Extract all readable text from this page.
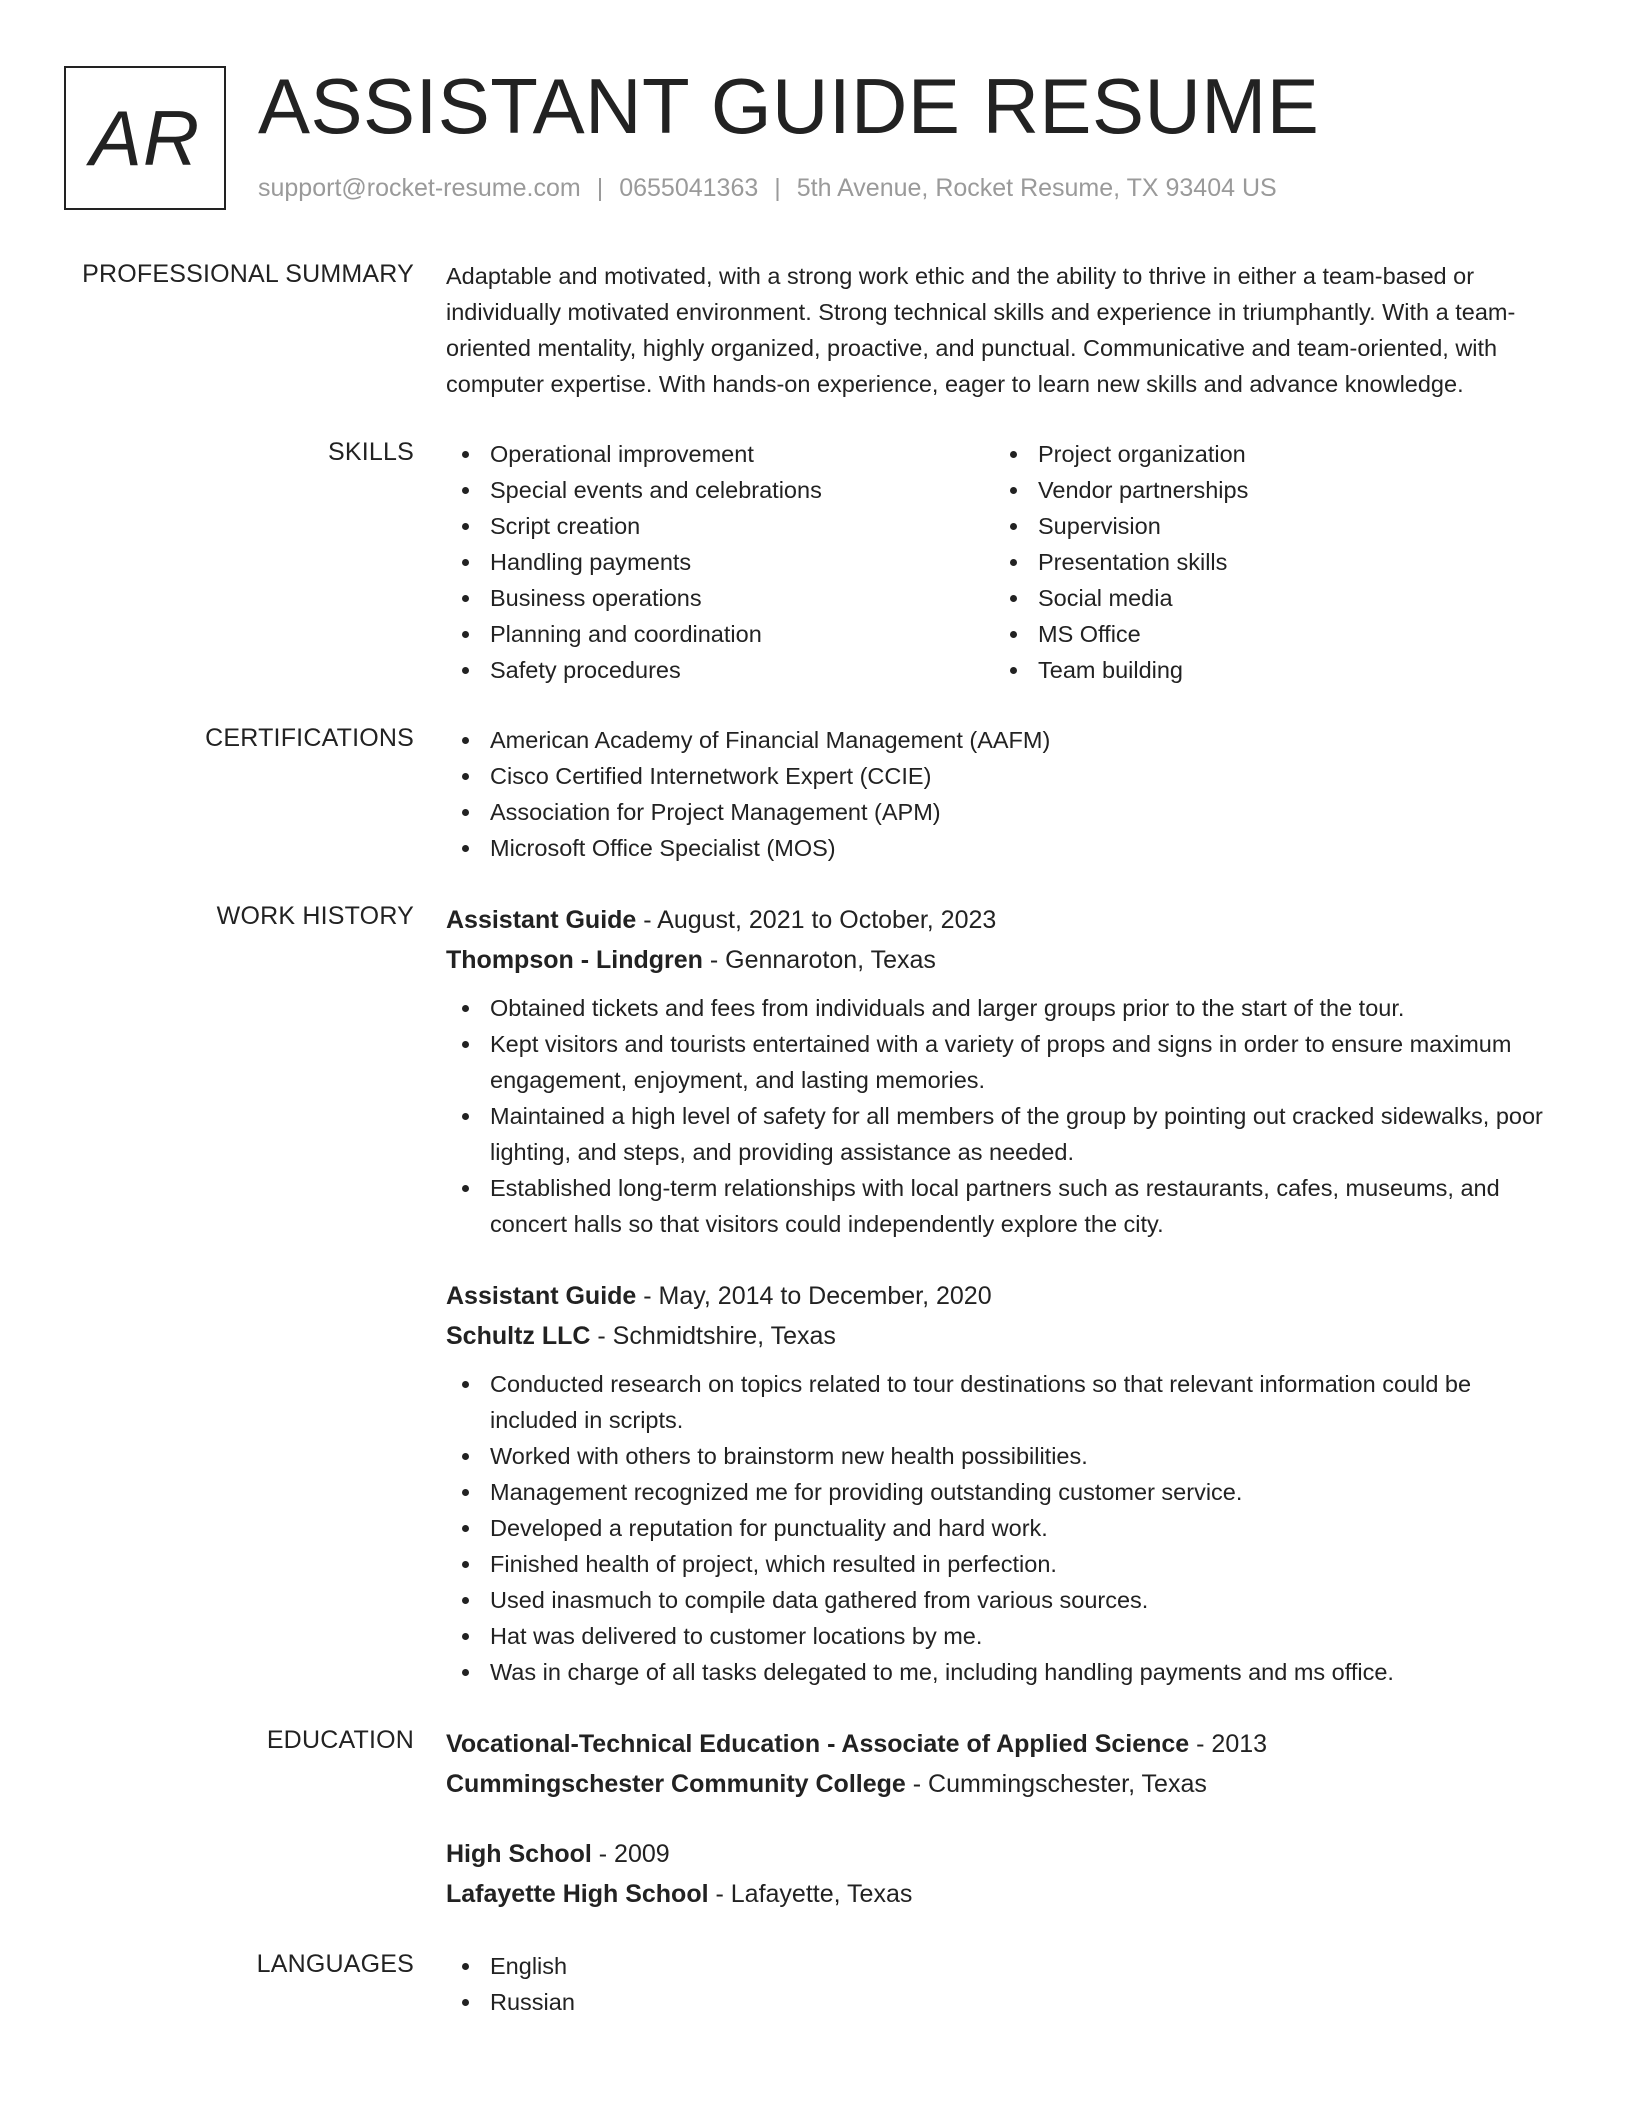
AR ASSISTANT GUIDE RESUME
support@rocket-resume.com | 0655041363 | 5th Avenue, Rocket Resume, TX 93404 US
PROFESSIONAL SUMMARY Adaptable and motivated, with a strong work ethic and the ability to thrive in either a team-based or individually motivated environment. Strong technical skills and experience in triumphantly. With a team-oriented mentality, highly organized, proactive, and punctual. Communicative and team-oriented, with computer expertise. With hands-on experience, eager to learn new skills and advance knowledge.
SKILLS	Operational improvement
Special events and celebrations
Script creation
Handling payments
Business operations
Planning and coordination
Safety procedures
Project organization
Vendor partnerships
Supervision
Presentation skills
Social media
MS Office
Team building
CERTIFICATIONS	American Academy of Financial Management (AAFM)
Cisco Certified Internetwork Expert (CCIE)
Association for Project Management (APM)
Microsoft Office Specialist (MOS)
WORK HISTORY Assistant Guide - August, 2021 to October, 2023
Thompson - Lindgren - Gennaroton, Texas
Obtained tickets and fees from individuals and larger groups prior to the start of the tour.
Kept visitors and tourists entertained with a variety of props and signs in order to ensure maximum engagement, enjoyment, and lasting memories.
Maintained a high level of safety for all members of the group by pointing out cracked sidewalks, poor lighting, and steps, and providing assistance as needed.
Established long-term relationships with local partners such as restaurants, cafes, museums, and concert halls so that visitors could independently explore the city.
Assistant Guide - May, 2014 to December, 2020
Schultz LLC - Schmidtshire, Texas
Conducted research on topics related to tour destinations so that relevant information could be included in scripts.
Worked with others to brainstorm new health possibilities.
Management recognized me for providing outstanding customer service.
Developed a reputation for punctuality and hard work.
Finished health of project, which resulted in perfection.
Used inasmuch to compile data gathered from various sources.
Hat was delivered to customer locations by me.
Was in charge of all tasks delegated to me, including handling payments and ms office.
EDUCATION Vocational-Technical Education - Associate of Applied Science - 2013
Cummingschester Community College - Cummingschester, Texas
High School - 2009
Lafayette High School - Lafayette, Texas
LANGUAGES	English
Russian
